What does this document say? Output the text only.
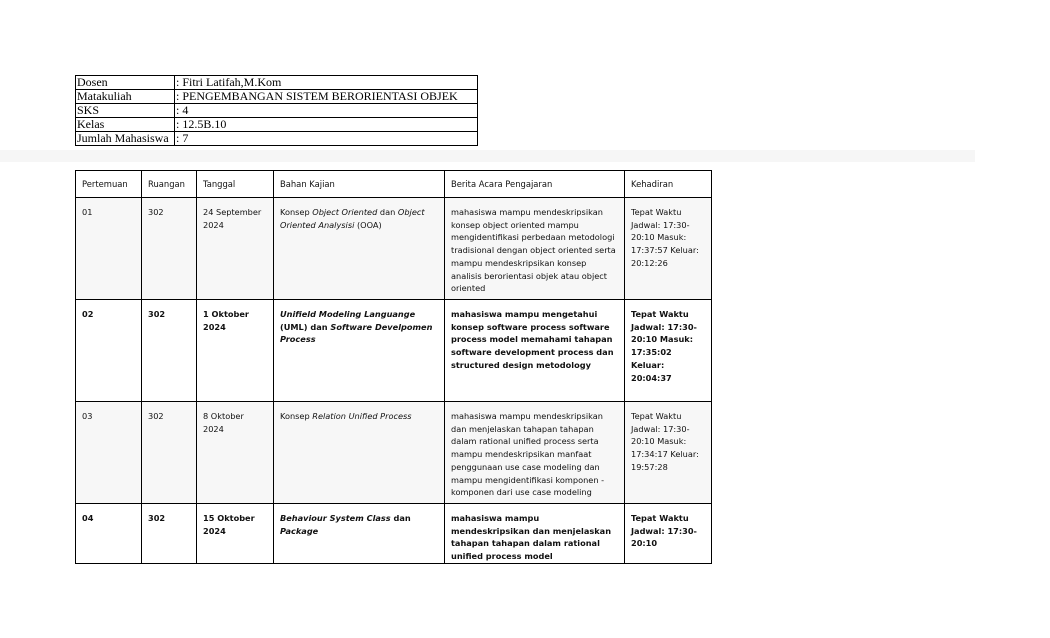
Dosen	: Fitri Latifah,M.Kom
Matakuliah	: PENGEMBANGAN SISTEM BERORIENTASI OBJEK
SKS	: 4
Kelas	: 12.5B.10
Jumlah Mahasiswa	: 7
Pertemuan	Ruangan	Tanggal	Bahan Kajian	Berita Acara Pengajaran	Kehadiran
01	302	24 September 2024	Konsep Object Oriented dan Object Oriented Analysisi (OOA)	mahasiswa mampu mendeskripsikan konsep object oriented mampu mengidentifikasi perbedaan metodologi tradisional dengan object oriented serta mampu mendeskripsikan konsep analisis berorientasi objek atau object oriented	Tepat Waktu Jadwal: 17:30-20:10 Masuk: 17:37:57 Keluar: 20:12:26
02	302	1 Oktober 2024	Unifield Modeling Languange (UML) dan Software Develpomen Process	mahasiswa mampu mengetahui konsep software process software process model memahami tahapan software development process dan structured design metodology	Tepat Waktu Jadwal: 17:30-20:10 Masuk: 17:35:02 Keluar: 20:04:37
03	302	8 Oktober 2024	Konsep Relation Unified Process	mahasiswa mampu mendeskripsikan dan menjelaskan tahapan tahapan dalam rational unified process serta mampu mendeskripsikan manfaat penggunaan use case modeling dan mampu mengidentifikasi komponen - komponen dari use case modeling	Tepat Waktu Jadwal: 17:30-20:10 Masuk: 17:34:17 Keluar: 19:57:28
04	302	15 Oktober 2024	Behaviour System Class dan Package	mahasiswa mampu mendeskripsikan dan menjelaskan tahapan tahapan dalam rational unified process model	Tepat Waktu Jadwal: 17:30-20:10
